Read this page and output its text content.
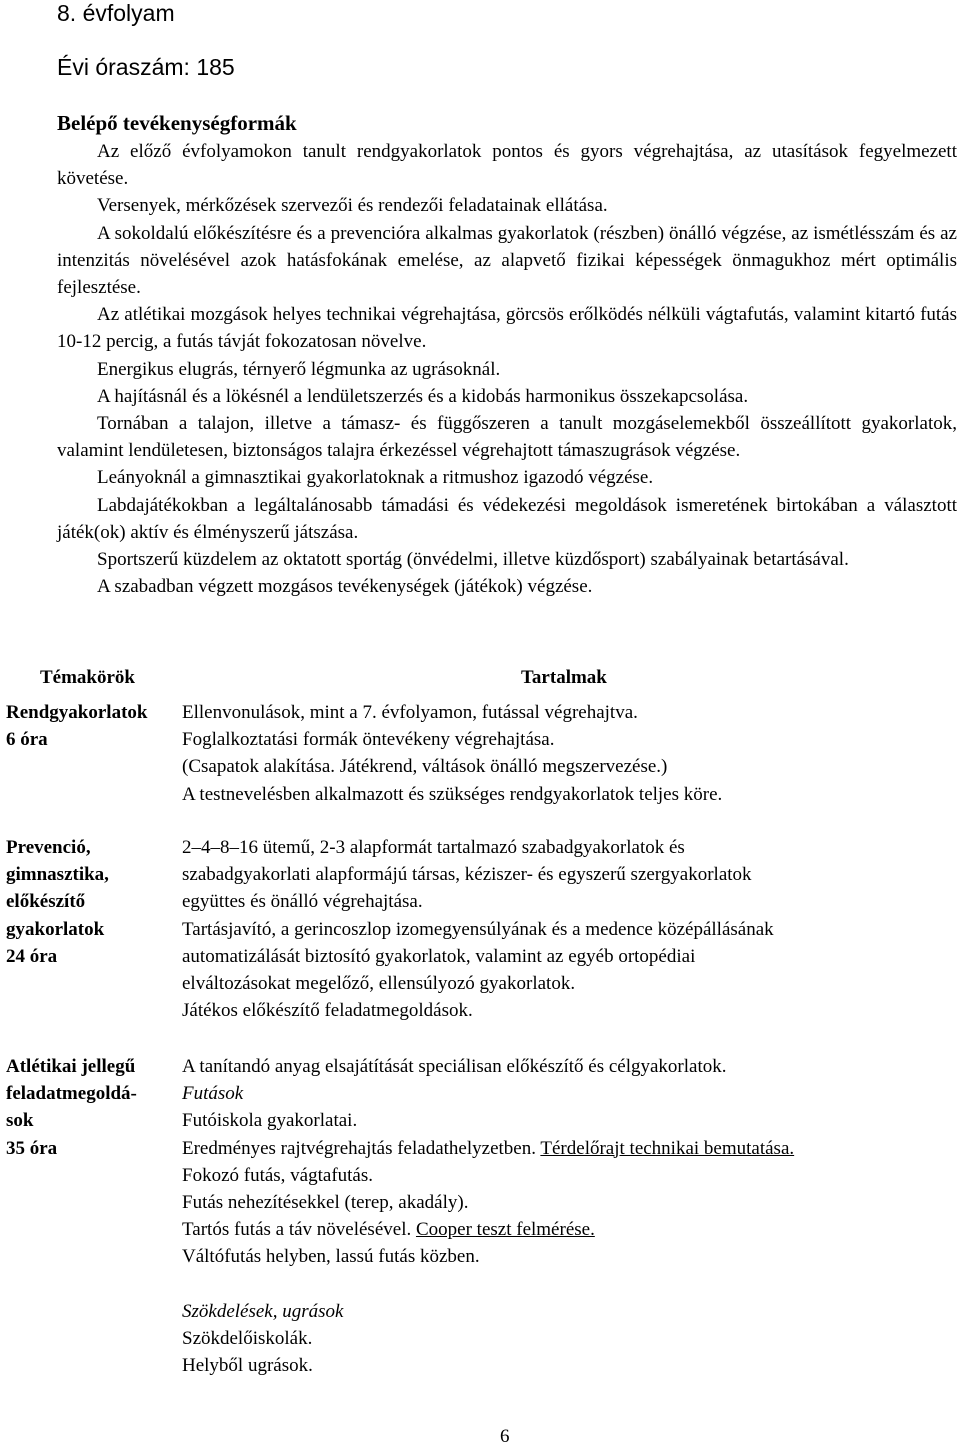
8. évfolyam
Évi óraszám: 185
Belépő tevékenységformák

Az előző évfolyamokon tanult rendgyakorlatok pontos és gyors végrehajtása, az utasítások fegyelmezett követése.

Versenyek, mérkőzések szervezői és rendezői feladatainak ellátása.

A sokoldalú előkészítésre és a prevencióra alkalmas gyakorlatok (részben) önálló végzése, az ismétlésszám és az intenzitás növelésével azok hatásfokának emelése, az alapvető fizikai képességek önmagukhoz mért optimális fejlesztése.

Az atlétikai mozgások helyes technikai végrehajtása, görcsös erőlködés nélküli vágtafutás, valamint kitartó futás 10-12 percig, a futás távját fokozatosan növelve.

Energikus elugrás, térnyerő légmunka az ugrásoknál.

A hajításnál és a lökésnél a lendületszerzés és a kidobás harmonikus összekapcsolása.

Tornában a talajon, illetve a támasz- és függőszeren a tanult mozgáselemekből összeállított gyakorlatok, valamint lendületesen, biztonságos talajra érkezéssel végrehajtott támaszugrások végzése.

Leányoknál a gimnasztikai gyakorlatoknak a ritmushoz igazodó végzése.

Labdajátékokban a legáltalánosabb támadási és védekezési megoldások ismeretének birtokában a választott játék(ok) aktív és élményszerű játszása.

Sportszerű küzdelem az oktatott sportág (önvédelmi, illetve küzdősport) szabályainak betartásával.

A szabadban végzett mozgásos tevékenységek (játékok) végzése.

Témakörök	Tartalmak
Rendgyakorlatok
6 óra
Ellenvonulások, mint a 7. évfolyamon, futással végrehajtva.
Foglalkoztatási formák öntevékeny végrehajtása.
(Csapatok alakítása. Játékrend, váltások önálló megszervezése.)
A testnevelésben alkalmazott és szükséges rendgyakorlatok teljes köre.
Prevenció,
gimnasztika,
előkészítő
gyakorlatok
24 óra
2–4–8–16 ütemű, 2-3 alapformát tartalmazó szabadgyakorlatok és
szabadgyakorlati alapformájú társas, kéziszer- és egyszerű szergyakorlatok
együttes és önálló végrehajtása.
Tartásjavító, a gerincoszlop izomegyensúlyának és a medence középállásának
automatizálását biztosító gyakorlatok, valamint az egyéb ortopédiai
elváltozásokat megelőző, ellensúlyozó gyakorlatok.
Játékos előkészítő feladatmegoldások.
Atlétikai jellegű
feladatmegoldá-
sok
35 óra
A tanítandó anyag elsajátítását speciálisan előkészítő és célgyakorlatok.
Futások
Futóiskola gyakorlatai.
Eredményes rajtvégrehajtás feladathelyzetben. Térdelőrajt technikai bemutatása.
Fokozó futás, vágtafutás.
Futás nehezítésekkel (terep, akadály).
Tartós futás a táv növelésével. Cooper teszt felmérése.
Váltófutás helyben, lassú futás közben.
Szökdelések, ugrások
Szökdelőiskolák.
Helyből ugrások.
6
